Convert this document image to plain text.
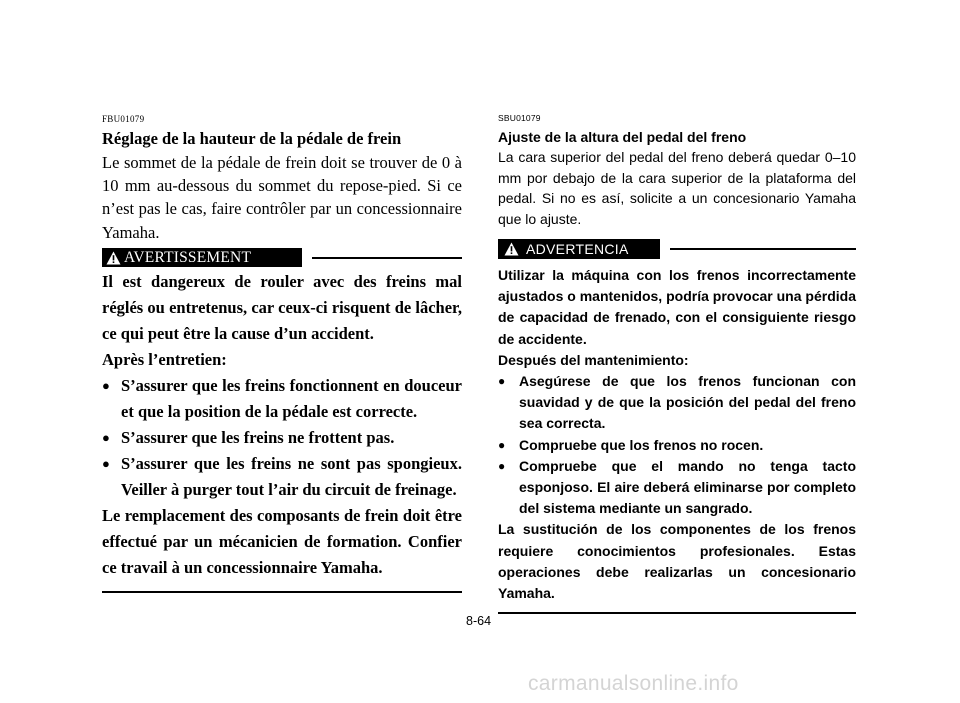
FBU01079
Réglage de la hauteur de la pédale de frein

Le sommet de la pédale de frein doit se trouver de 0 à 10 mm au-dessous du sommet du repose-pied. Si ce n’est pas le cas, faire contrôler par un concessionnaire Yamaha.

AVERTISSEMENT

Il est dangereux de rouler avec des freins mal réglés ou entretenus, car ceux-ci risquent de lâcher, ce qui peut être la cause d’un accident.

Après l’entretien:

● S’assurer que les freins fonctionnent en douceur et que la position de la pédale est correcte.
● S’assurer que les freins ne frottent pas.
● S’assurer que les freins ne sont pas spongieux. Veiller à purger tout l’air du circuit de freinage.

Le remplacement des composants de frein doit être effectué par un mécanicien de formation. Confier ce travail à un concessionnaire Yamaha.

SBU01079
Ajuste de la altura del pedal del freno

La cara superior del pedal del freno deberá quedar 0–10 mm por debajo de la cara superior de la plataforma del pedal. Si no es así, solicite a un concesionario Yamaha que lo ajuste.

ADVERTENCIA

Utilizar la máquina con los frenos incorrectamente ajustados o mantenidos, podría provocar una pérdida de capacidad de frenado, con el consiguiente riesgo de accidente.

Después del mantenimiento:

● Asegúrese de que los frenos funcionan con suavidad y de que la posición del pedal del freno sea correcta.
● Compruebe que los frenos no rocen.
● Compruebe que el mando no tenga tacto esponjoso. El aire deberá eliminarse por completo del sistema mediante un sangrado.

La sustitución de los componentes de los frenos requiere conocimientos profesionales. Estas operaciones debe realizarlas un concesionario Yamaha.

8-64
carmanualsonline.info
